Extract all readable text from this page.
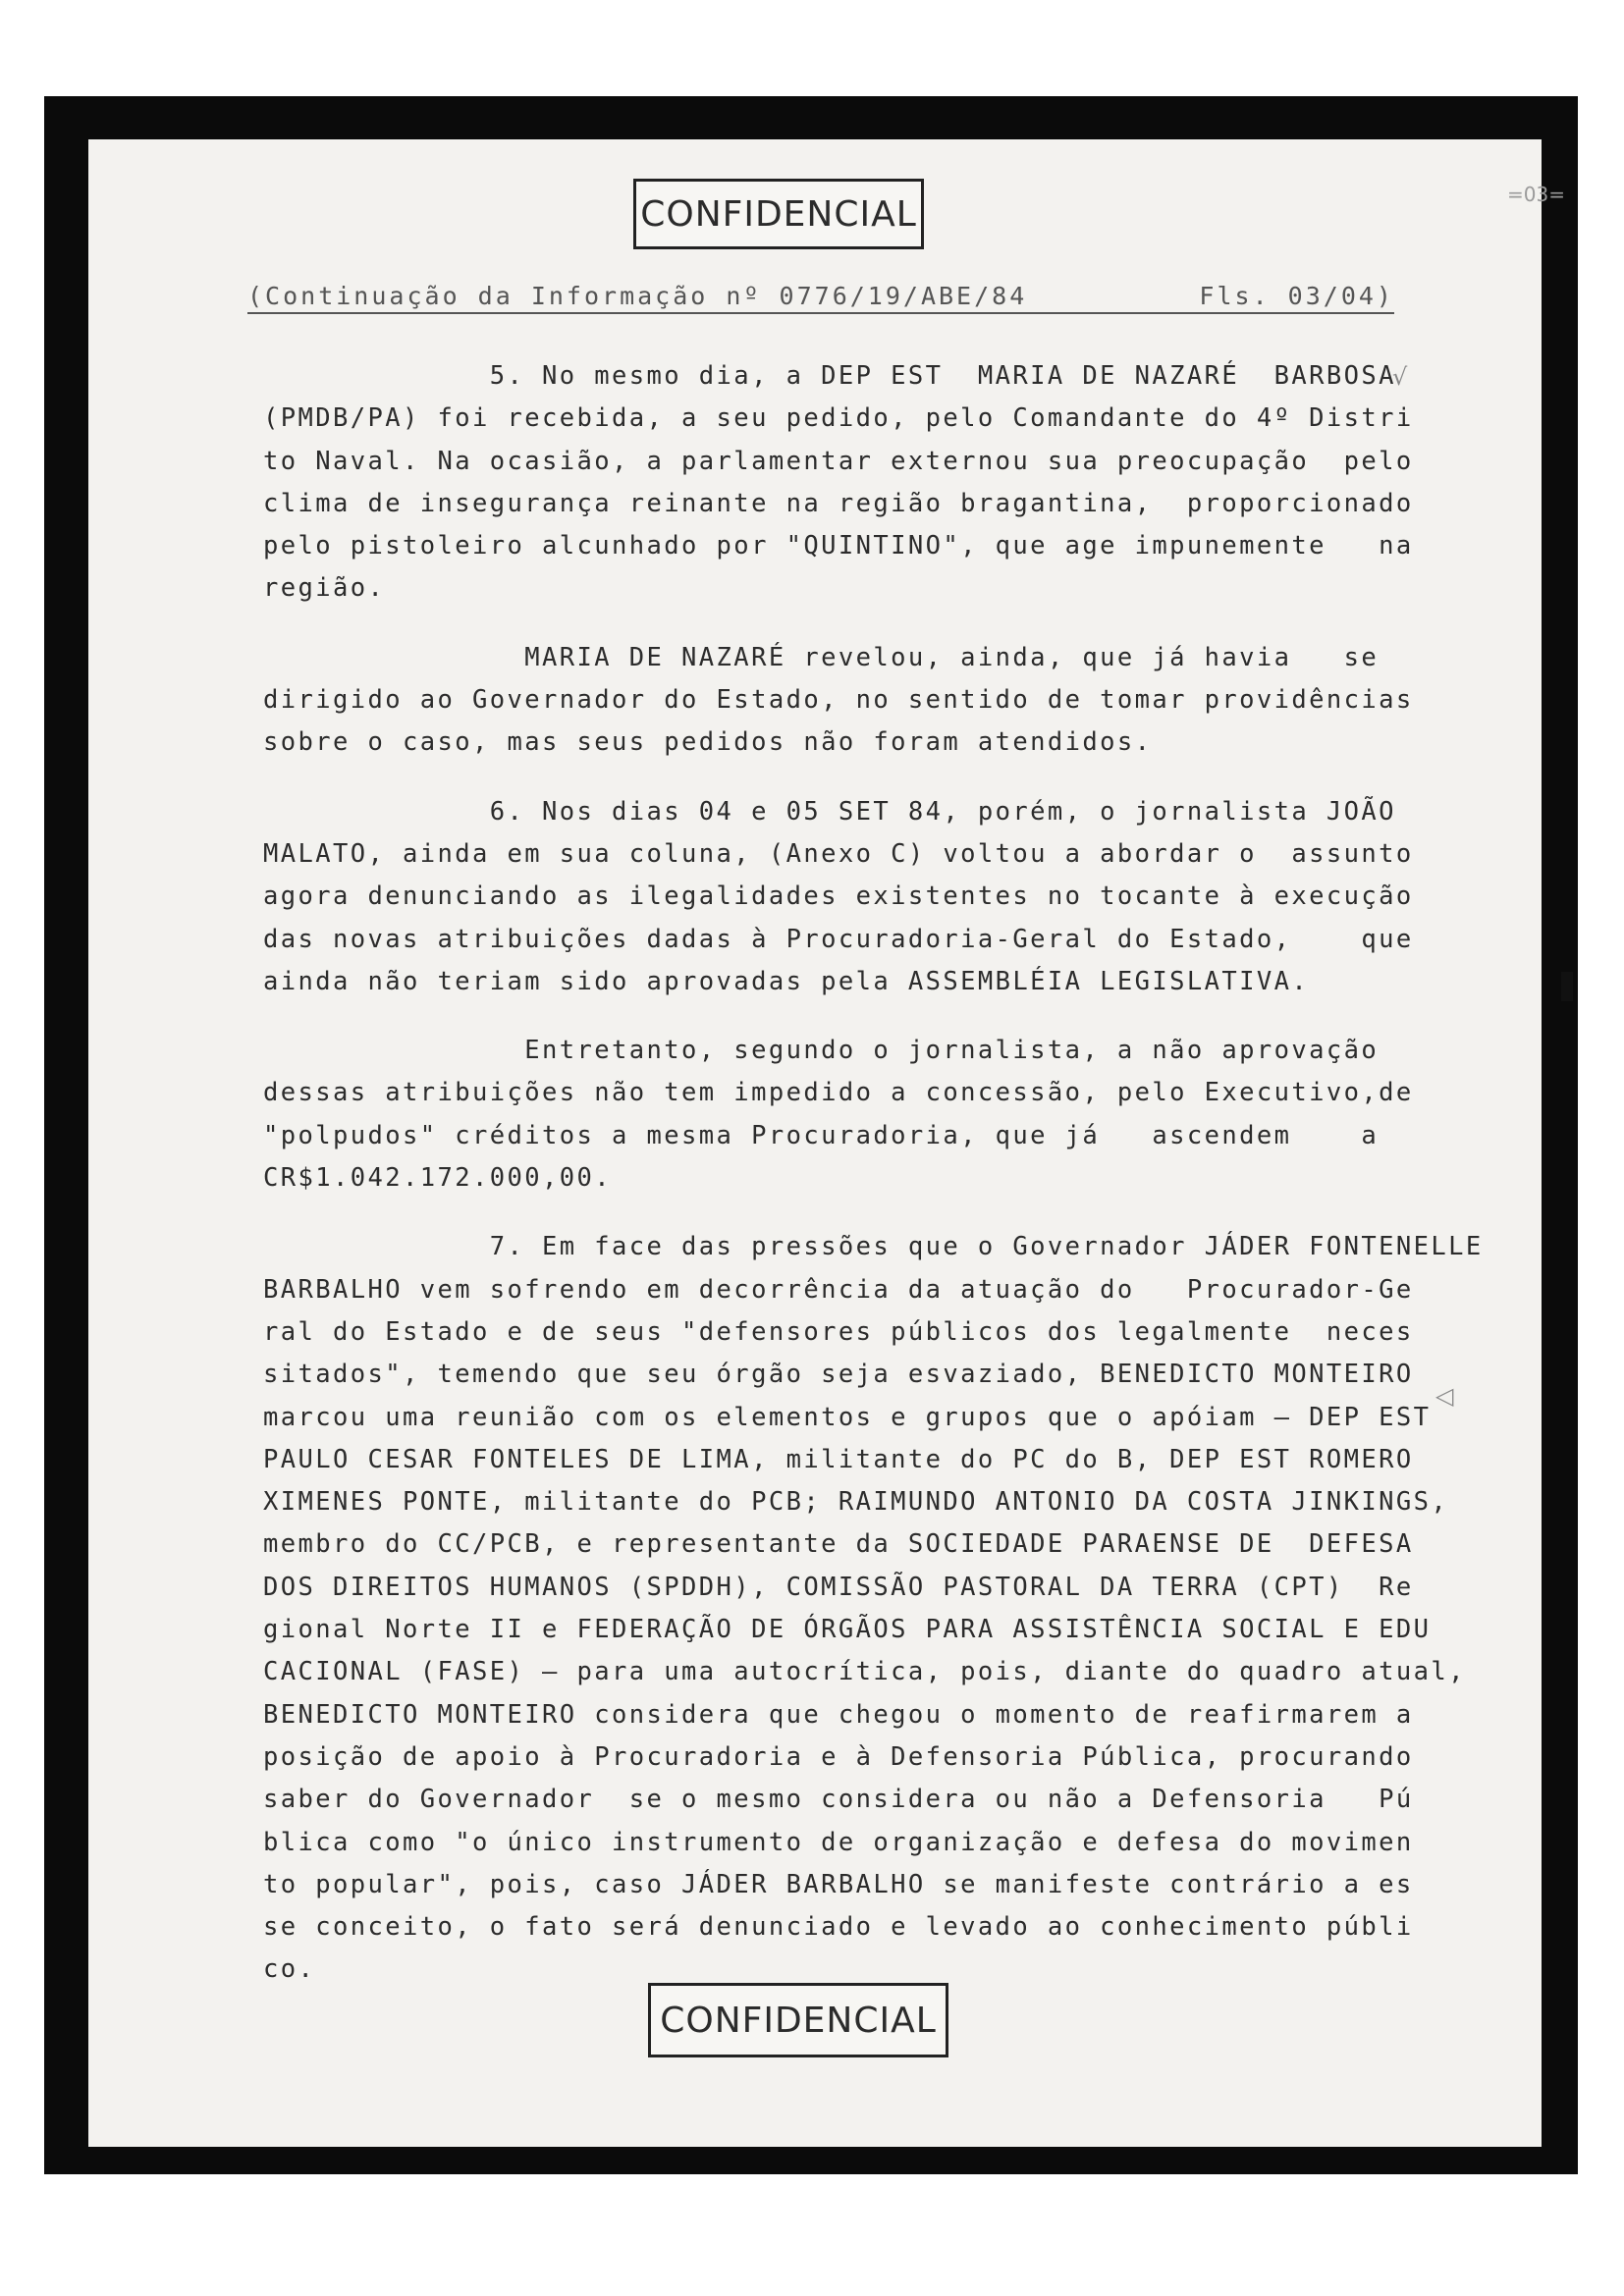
CONFIDENCIAL	=03=
(Continuação da Informação nº 0776/19/ABE/84	Fls. 03/04)
√
◁
5. No mesmo dia, a DEP EST  MARIA DE NAZARÉ  BARBOSA
(PMDB/PA) foi recebida, a seu pedido, pelo Comandante do 4º Distri
to Naval. Na ocasião, a parlamentar externou sua preocupação  pelo
clima de insegurança reinante na região bragantina,  proporcionado
pelo pistoleiro alcunhado por "QUINTINO", que age impunemente   na
região.
MARIA DE NAZARÉ revelou, ainda, que já havia   se
dirigido ao Governador do Estado, no sentido de tomar providências
sobre o caso, mas seus pedidos não foram atendidos.
6. Nos dias 04 e 05 SET 84, porém, o jornalista JOÃO
MALATO, ainda em sua coluna, (Anexo C) voltou a abordar o  assunto
agora denunciando as ilegalidades existentes no tocante à execução
das novas atribuições dadas à Procuradoria-Geral do Estado,    que
ainda não teriam sido aprovadas pela ASSEMBLÉIA LEGISLATIVA.
Entretanto, segundo o jornalista, a não aprovação
dessas atribuições não tem impedido a concessão, pelo Executivo,de
"polpudos" créditos a mesma Procuradoria, que já   ascendem    a
CR$1.042.172.000,00.
7. Em face das pressões que o Governador JÁDER FONTENELLE
BARBALHO vem sofrendo em decorrência da atuação do   Procurador-Ge
ral do Estado e de seus "defensores públicos dos legalmente  neces
sitados", temendo que seu órgão seja esvaziado, BENEDICTO MONTEIRO
marcou uma reunião com os elementos e grupos que o apóiam — DEP EST
PAULO CESAR FONTELES DE LIMA, militante do PC do B, DEP EST ROMERO
XIMENES PONTE, militante do PCB; RAIMUNDO ANTONIO DA COSTA JINKINGS,
membro do CC/PCB, e representante da SOCIEDADE PARAENSE DE  DEFESA
DOS DIREITOS HUMANOS (SPDDH), COMISSÃO PASTORAL DA TERRA (CPT)  Re
gional Norte II e FEDERAÇÃO DE ÓRGÃOS PARA ASSISTÊNCIA SOCIAL E EDU
CACIONAL (FASE) — para uma autocrítica, pois, diante do quadro atual,
BENEDICTO MONTEIRO considera que chegou o momento de reafirmarem a
posição de apoio à Procuradoria e à Defensoria Pública, procurando
saber do Governador  se o mesmo considera ou não a Defensoria   Pú
blica como "o único instrumento de organização e defesa do movimen
to popular", pois, caso JÁDER BARBALHO se manifeste contrário a es
se conceito, o fato será denunciado e levado ao conhecimento públi
co.
CONFIDENCIAL
